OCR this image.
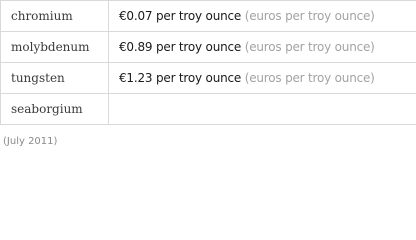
chromium	€0.07 per troy ounce (euros per troy ounce)
molybdenum	€0.89 per troy ounce (euros per troy ounce)
tungsten	€1.23 per troy ounce (euros per troy ounce)
seaborgium	
(July 2011)
